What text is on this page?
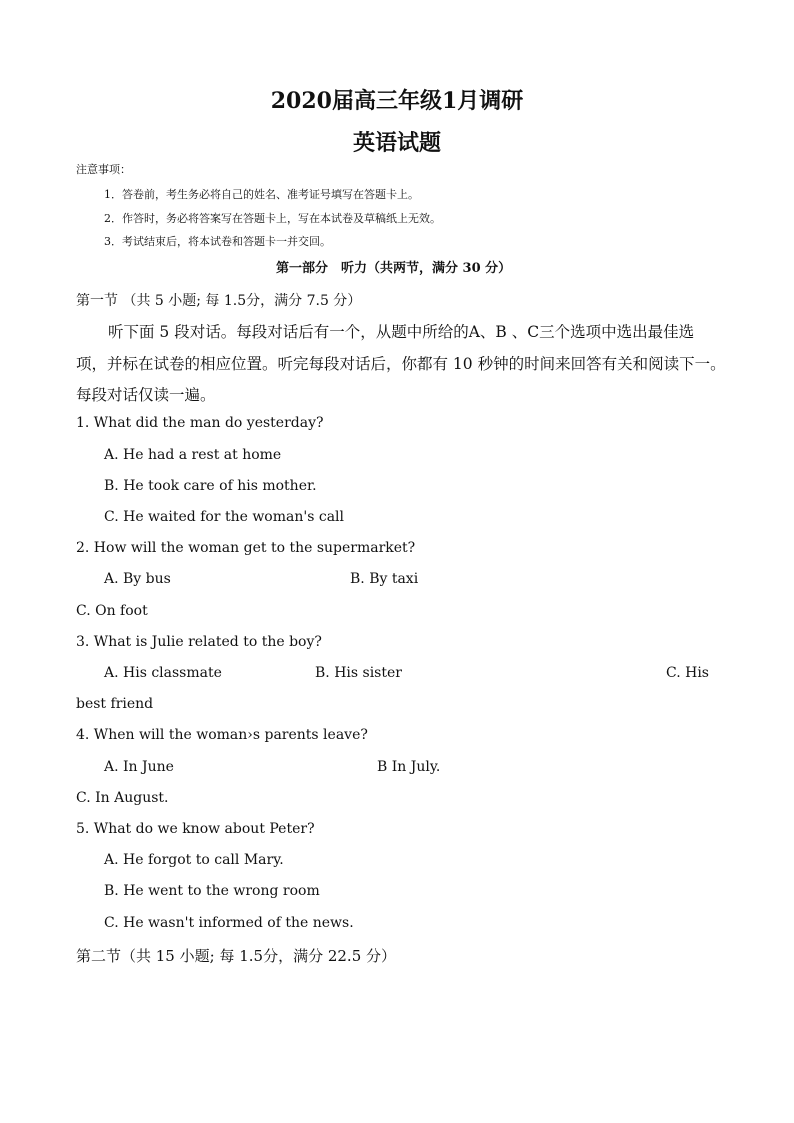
2020届高三年级1月调研
英语试题
注意事项：
1．答卷前，考生务必将自己的姓名、准考证号填写在答题卡上。
2．作答时，务必将答案写在答题卡上，写在本试卷及草稿纸上无效。
3．考试结束后，将本试卷和答题卡一并交回。
第一部分　听力（共两节，满分 30 分）
第一节 （共 5 小题; 每 1.5分，满分 7.5 分）
听下面 5 段对话。每段对话后有一个，从题中所给的A、B 、C三个选项中选出最佳选
项，并标在试卷的相应位置。听完每段对话后，你都有 10 秒钟的时间来回答有关和阅读下一。
每段对话仅读一遍。
1. What did the man do yesterday?
A. He had a rest at home
B. He took care of his mother.
C. He waited for the woman's call
2. How will the woman get to the supermarket?
A. By bus	B. By taxi
C. On foot
3. What is Julie related to the boy?
A. His classmate	B. His sister	C. His
best friend
4. When will the woman›s parents leave?
A. In June	B In July.
C. In August.
5. What do we know about Peter?
A. He forgot to call Mary.
B. He went to the wrong room
C. He wasn't informed of the news.
第二节（共 15 小题; 每 1.5分，满分 22.5 分）
